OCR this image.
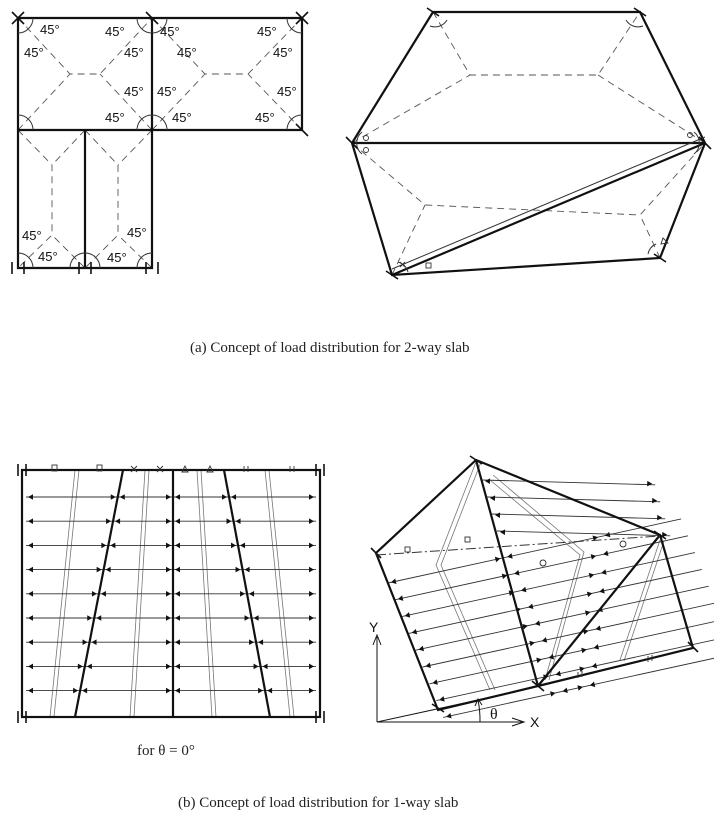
45°
45°
45°
45°
45°
45°
45°
45°
45° 45°	45°
45°	45°	45°
45°	45°
45°	45°
Y
X
θ
(a) Concept of load distribution for 2-way slab
for θ = 0°
(b) Concept of load distribution for 1-way slab
